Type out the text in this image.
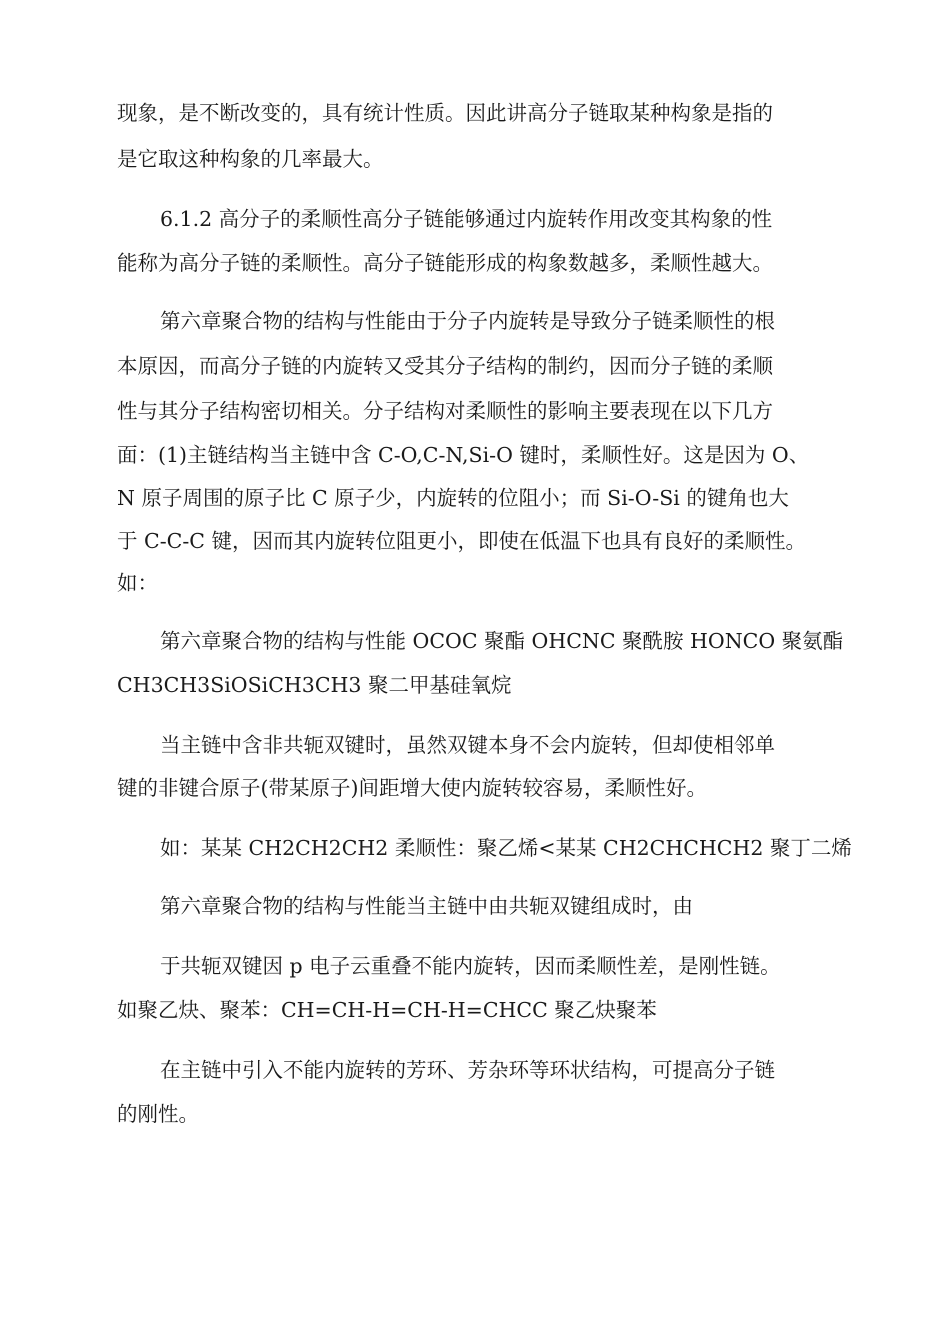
现象，是不断改变的，具有统计性质。因此讲高分子链取某种构象是指的
是它取这种构象的几率最大。
6.1.2 高分子的柔顺性高分子链能够通过内旋转作用改变其构象的性
能称为高分子链的柔顺性。高分子链能形成的构象数越多，柔顺性越大。
第六章聚合物的结构与性能由于分子内旋转是导致分子链柔顺性的根
本原因，而高分子链的内旋转又受其分子结构的制约，因而分子链的柔顺
性与其分子结构密切相关。分子结构对柔顺性的影响主要表现在以下几方
面：(1)主链结构当主链中含 C-O,C-N,Si-O 键时，柔顺性好。这是因为 O、
N 原子周围的原子比 C 原子少，内旋转的位阻小；而 Si-O-Si 的键角也大
于 C-C-C 键，因而其内旋转位阻更小，即使在低温下也具有良好的柔顺性。
如：
第六章聚合物的结构与性能 OCOC 聚酯 OHCNC 聚酰胺 HONCO 聚氨酯
CH3CH3SiOSiCH3CH3 聚二甲基硅氧烷
当主链中含非共轭双键时，虽然双键本身不会内旋转，但却使相邻单
键的非键合原子(带某原子)间距增大使内旋转较容易，柔顺性好。
如：某某 CH2CH2CH2 柔顺性：聚乙烯<某某 CH2CHCHCH2 聚丁二烯
第六章聚合物的结构与性能当主链中由共轭双键组成时，由
于共轭双键因 p 电子云重叠不能内旋转，因而柔顺性差，是刚性链。
如聚乙炔、聚苯：CH=CH-H=CH-H=CHCC 聚乙炔聚苯
在主链中引入不能内旋转的芳环、芳杂环等环状结构，可提高分子链
的刚性。
